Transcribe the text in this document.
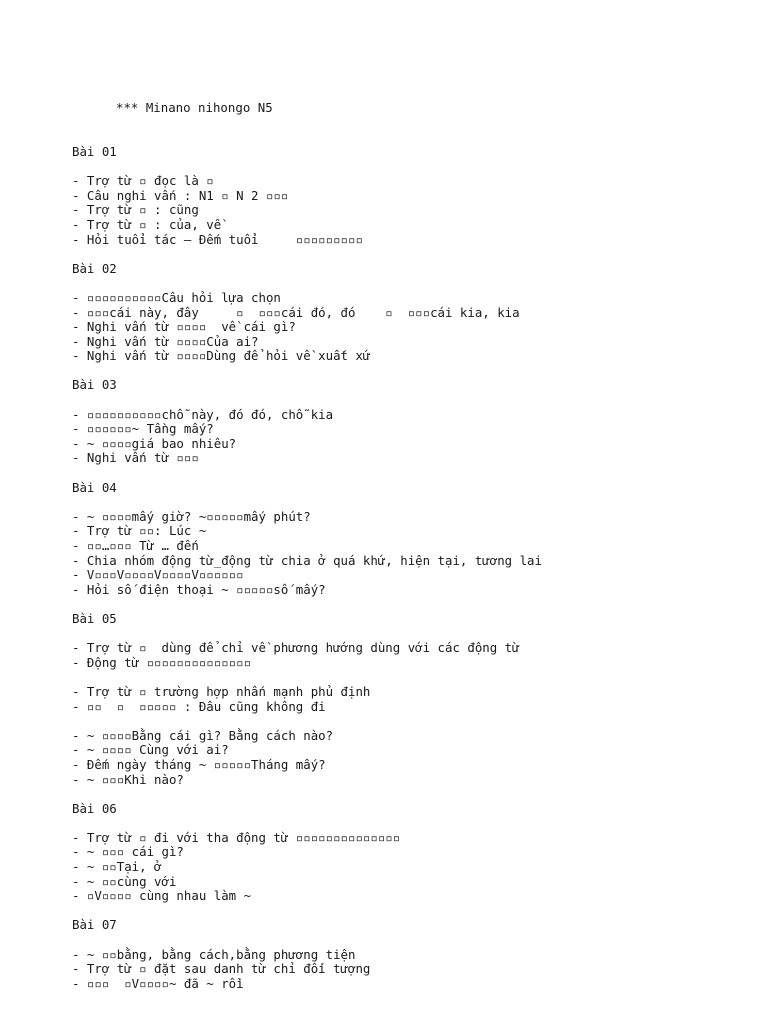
*** Minano nihongo N5

Bài 01
- Trợ từ ▫ đọc là ▫
- Câu nghi vấn : N1 ▫ N 2 ▫▫▫
- Trợ từ ▫ : cũng
- Trợ từ ▫ : của, về
- Hỏi tuổi tác – Đếm tuổi     ▫▫▫▫▫▫▫▫▫
Bài 02
- ▫▫▫▫▫▫▫▫▫▫Câu hỏi lựa chọn
- ▫▫▫cái này, đây     ▫  ▫▫▫cái đó, đó    ▫  ▫▫▫cái kia, kia
- Nghi vấn từ ▫▫▫▫  về cái gì?
- Nghi vấn từ ▫▫▫▫Của ai?
- Nghi vấn từ ▫▫▫▫Dùng để hỏi về xuất xứ
Bài 03
- ▫▫▫▫▫▫▫▫▫▫chỗ này, đó đó, chỗ kia
- ▫▫▫▫▫▫~ Tầng mấy?
- ~ ▫▫▫▫giá bao nhiêu?
- Nghi vấn từ ▫▫▫
Bài 04
- ~ ▫▫▫▫mấy giờ? ~▫▫▫▫▫mấy phút?
- Trợ từ ▫▫: Lúc ~
- ▫▫…▫▫▫ Từ … đến
- Chia nhóm động từ_động từ chia ở quá khứ, hiện tại, tương lai
- V▫▫▫V▫▫▫▫V▫▫▫▫V▫▫▫▫▫▫
- Hỏi số điện thoại ~ ▫▫▫▫▫số mấy?
Bài 05
- Trợ từ ▫  dùng để chỉ về phương hướng dùng với các động từ
- Động từ ▫▫▫▫▫▫▫▫▫▫▫▫▫▫
- Trợ từ ▫ trường hợp nhấn mạnh phủ định
- ▫▫  ▫  ▫▫▫▫▫ : Đâu cũng không đi
- ~ ▫▫▫▫Bằng cái gì? Bằng cách nào?
- ~ ▫▫▫▫ Cùng với ai?
- Đếm ngày tháng ~ ▫▫▫▫▫Tháng mấy?
- ~ ▫▫▫Khi nào?
Bài 06
- Trợ từ ▫ đi với tha động từ ▫▫▫▫▫▫▫▫▫▫▫▫▫▫
- ~ ▫▫▫ cái gì?
- ~ ▫▫Tại, ở
- ~ ▫▫cùng với
- ▫V▫▫▫▫ cùng nhau làm ~
Bài 07
- ~ ▫▫bằng, bằng cách,bằng phương tiện
- Trợ từ ▫ đặt sau danh từ chỉ đối tượng
- ▫▫▫  ▫V▫▫▫▫~ đã ~ rồi
